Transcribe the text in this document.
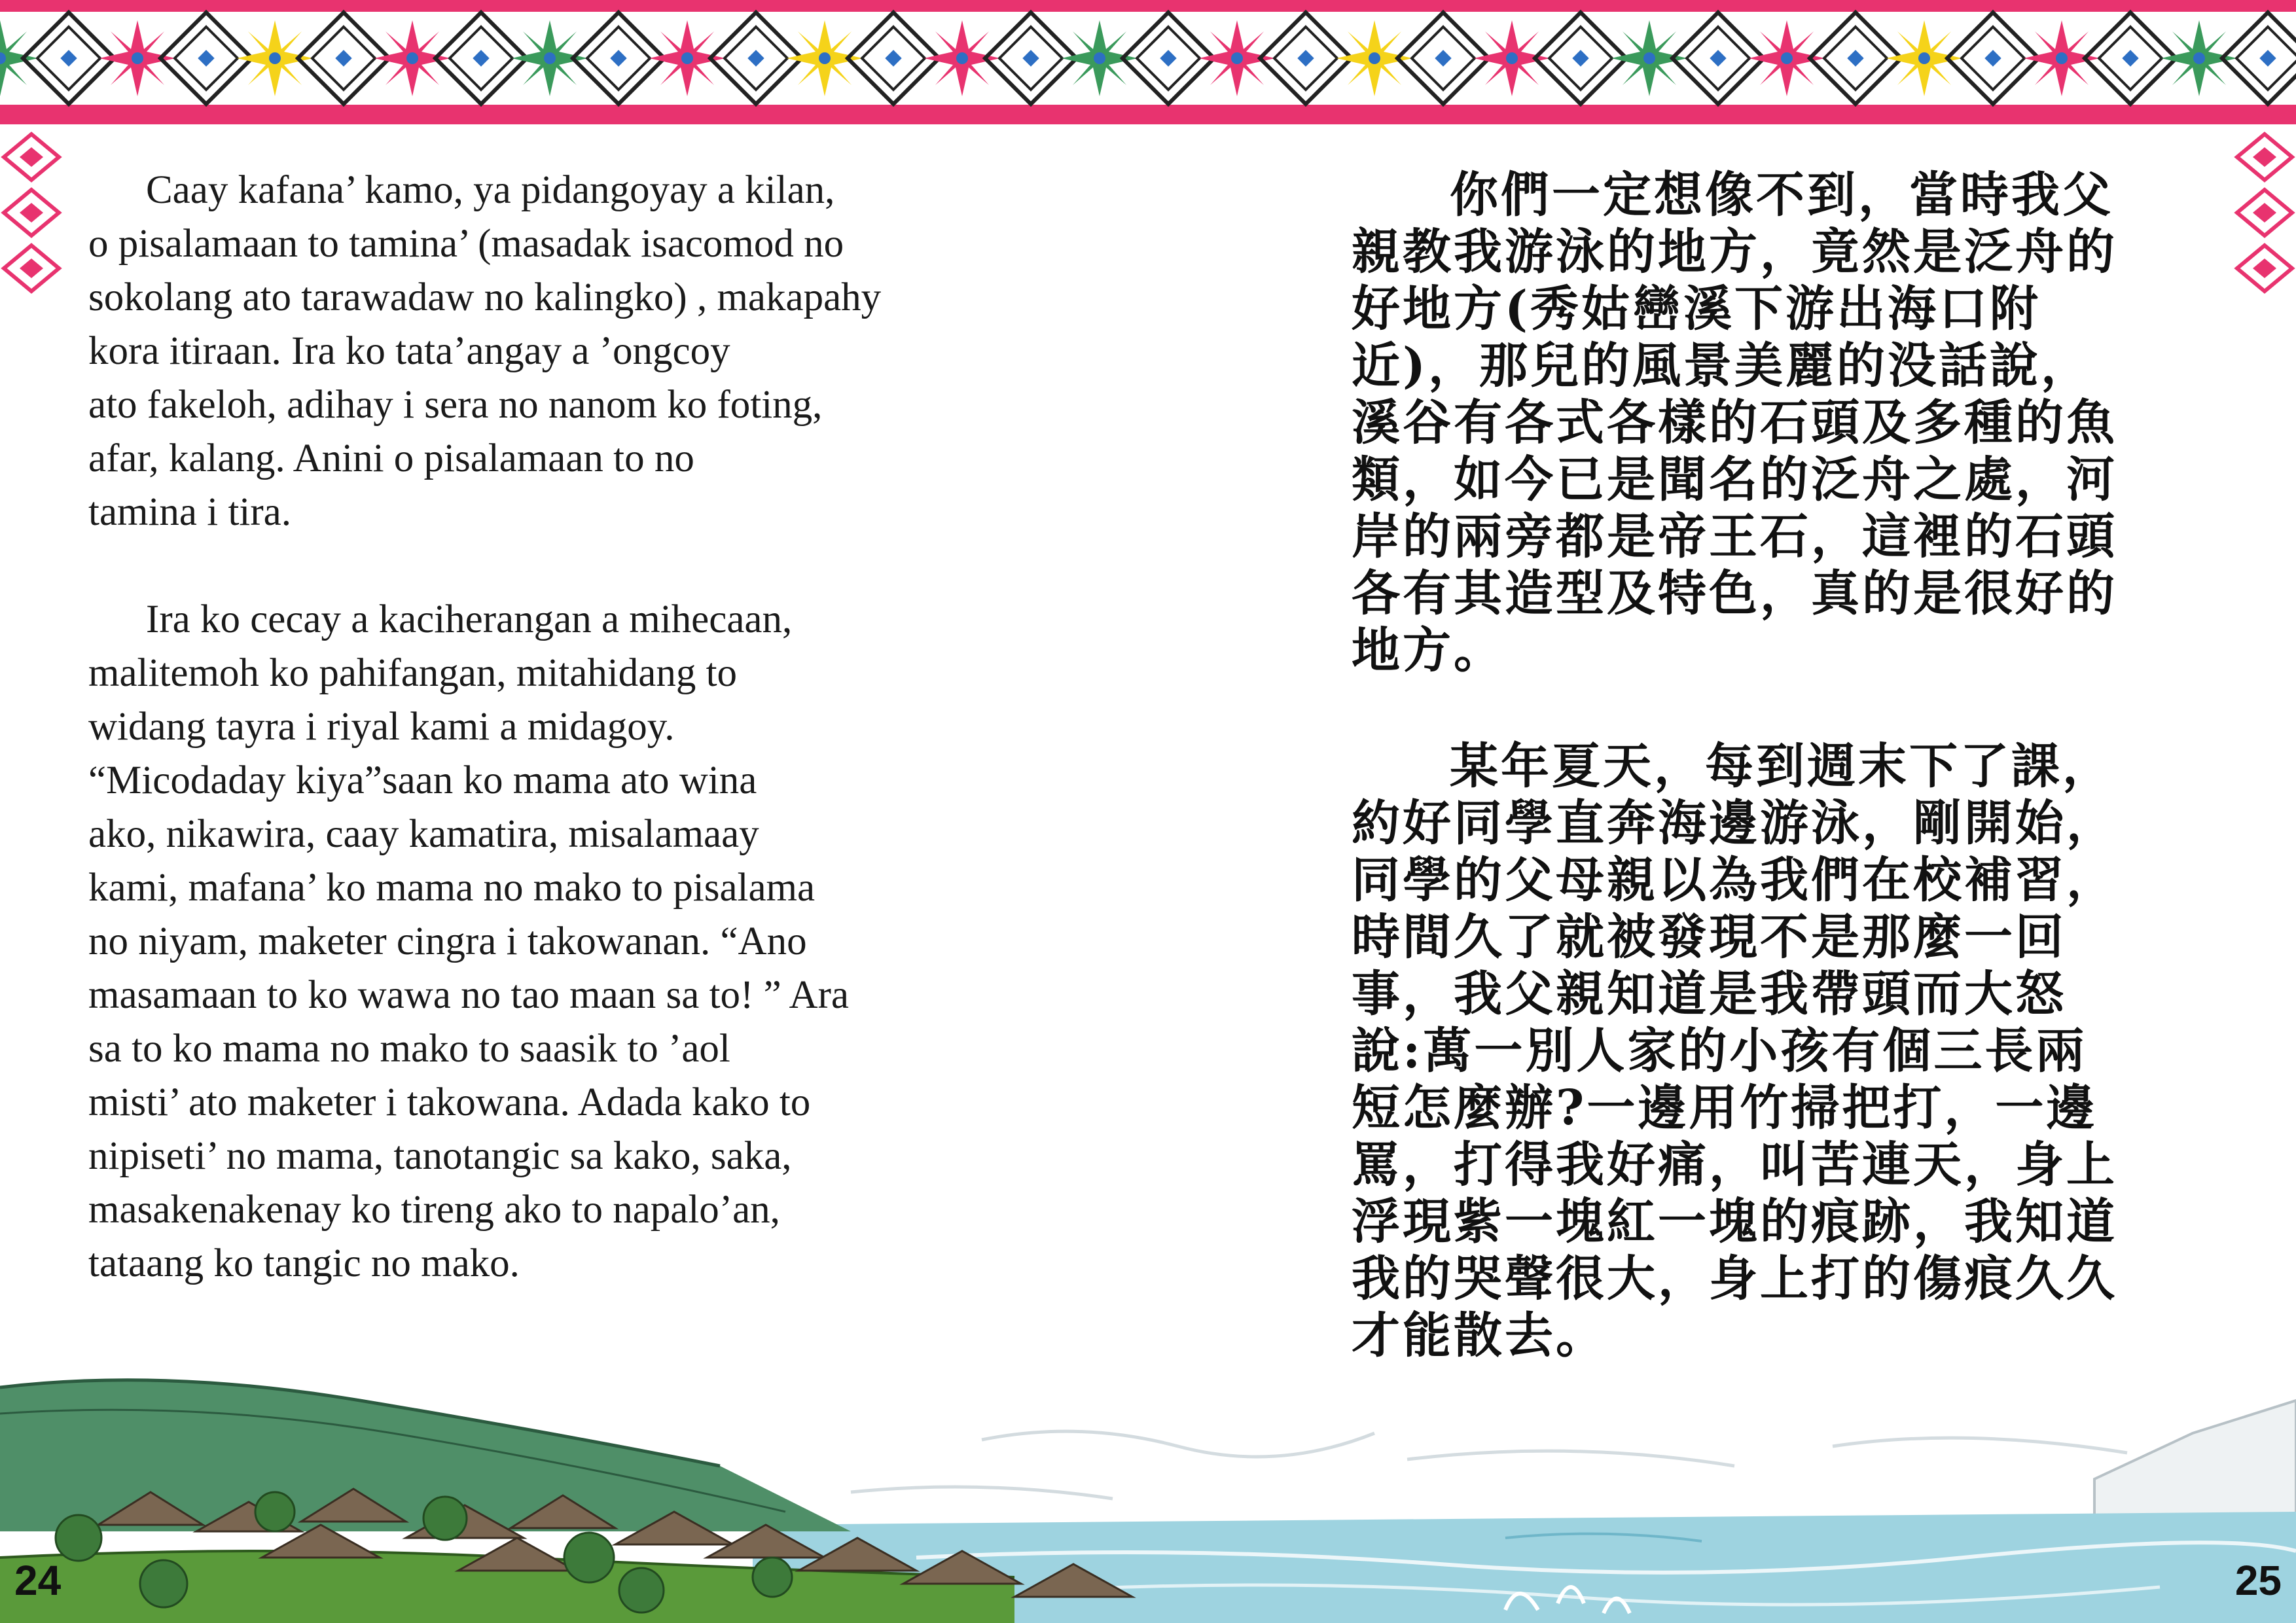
Caay kafana’ kamo, ya pidangoyay a kilan,
o pisalamaan to tamina’ (masadak isacomod no
sokolang ato tarawadaw no kalingko) , makapahy
kora itiraan. Ira ko tata’angay a ’ongcoy
ato fakeloh, adihay i sera no nanom ko foting,
afar, kalang. Anini o pisalamaan to no
tamina i tira.

Ira ko cecay a kaciherangan a mihecaan,
malitemoh ko pahifangan, mitahidang to
widang tayra i riyal kami a midagoy.
“Micodaday kiya”saan ko mama ato wina
ako, nikawira, caay kamatira, misalamaay
kami, mafana’ ko mama no mako to pisalama
no niyam, maketer cingra i takowanan. “Ano
masamaan to ko wawa no tao maan sa to! ” Ara
sa to ko mama no mako to saasik to ’aol
misti’ ato maketer i takowana. Adada kako to
nipiseti’ no mama, tanotangic sa kako, saka,
masakenakenay ko tireng ako to napalo’an,
tataang ko tangic no mako.

你們一定想像不到，當時我父
親教我游泳的地方，竟然是泛舟的
好地方(秀姑巒溪下游出海口附
近)，那兒的風景美麗的没話說，
溪谷有各式各樣的石頭及多種的魚
類，如今已是聞名的泛舟之處，河
岸的兩旁都是帝王石，這裡的石頭
各有其造型及特色，真的是很好的
地方。

某年夏天，每到週末下了課，
約好同學直奔海邊游泳，剛開始，
同學的父母親以為我們在校補習，
時間久了就被發現不是那麼一回
事，我父親知道是我帶頭而大怒
說:萬一別人家的小孩有個三長兩
短怎麼辦?一邊用竹掃把打，一邊
罵，打得我好痛，叫苦連天，身上
浮現紫一塊紅一塊的痕跡，我知道
我的哭聲很大，身上打的傷痕久久
才能散去。

24	25
